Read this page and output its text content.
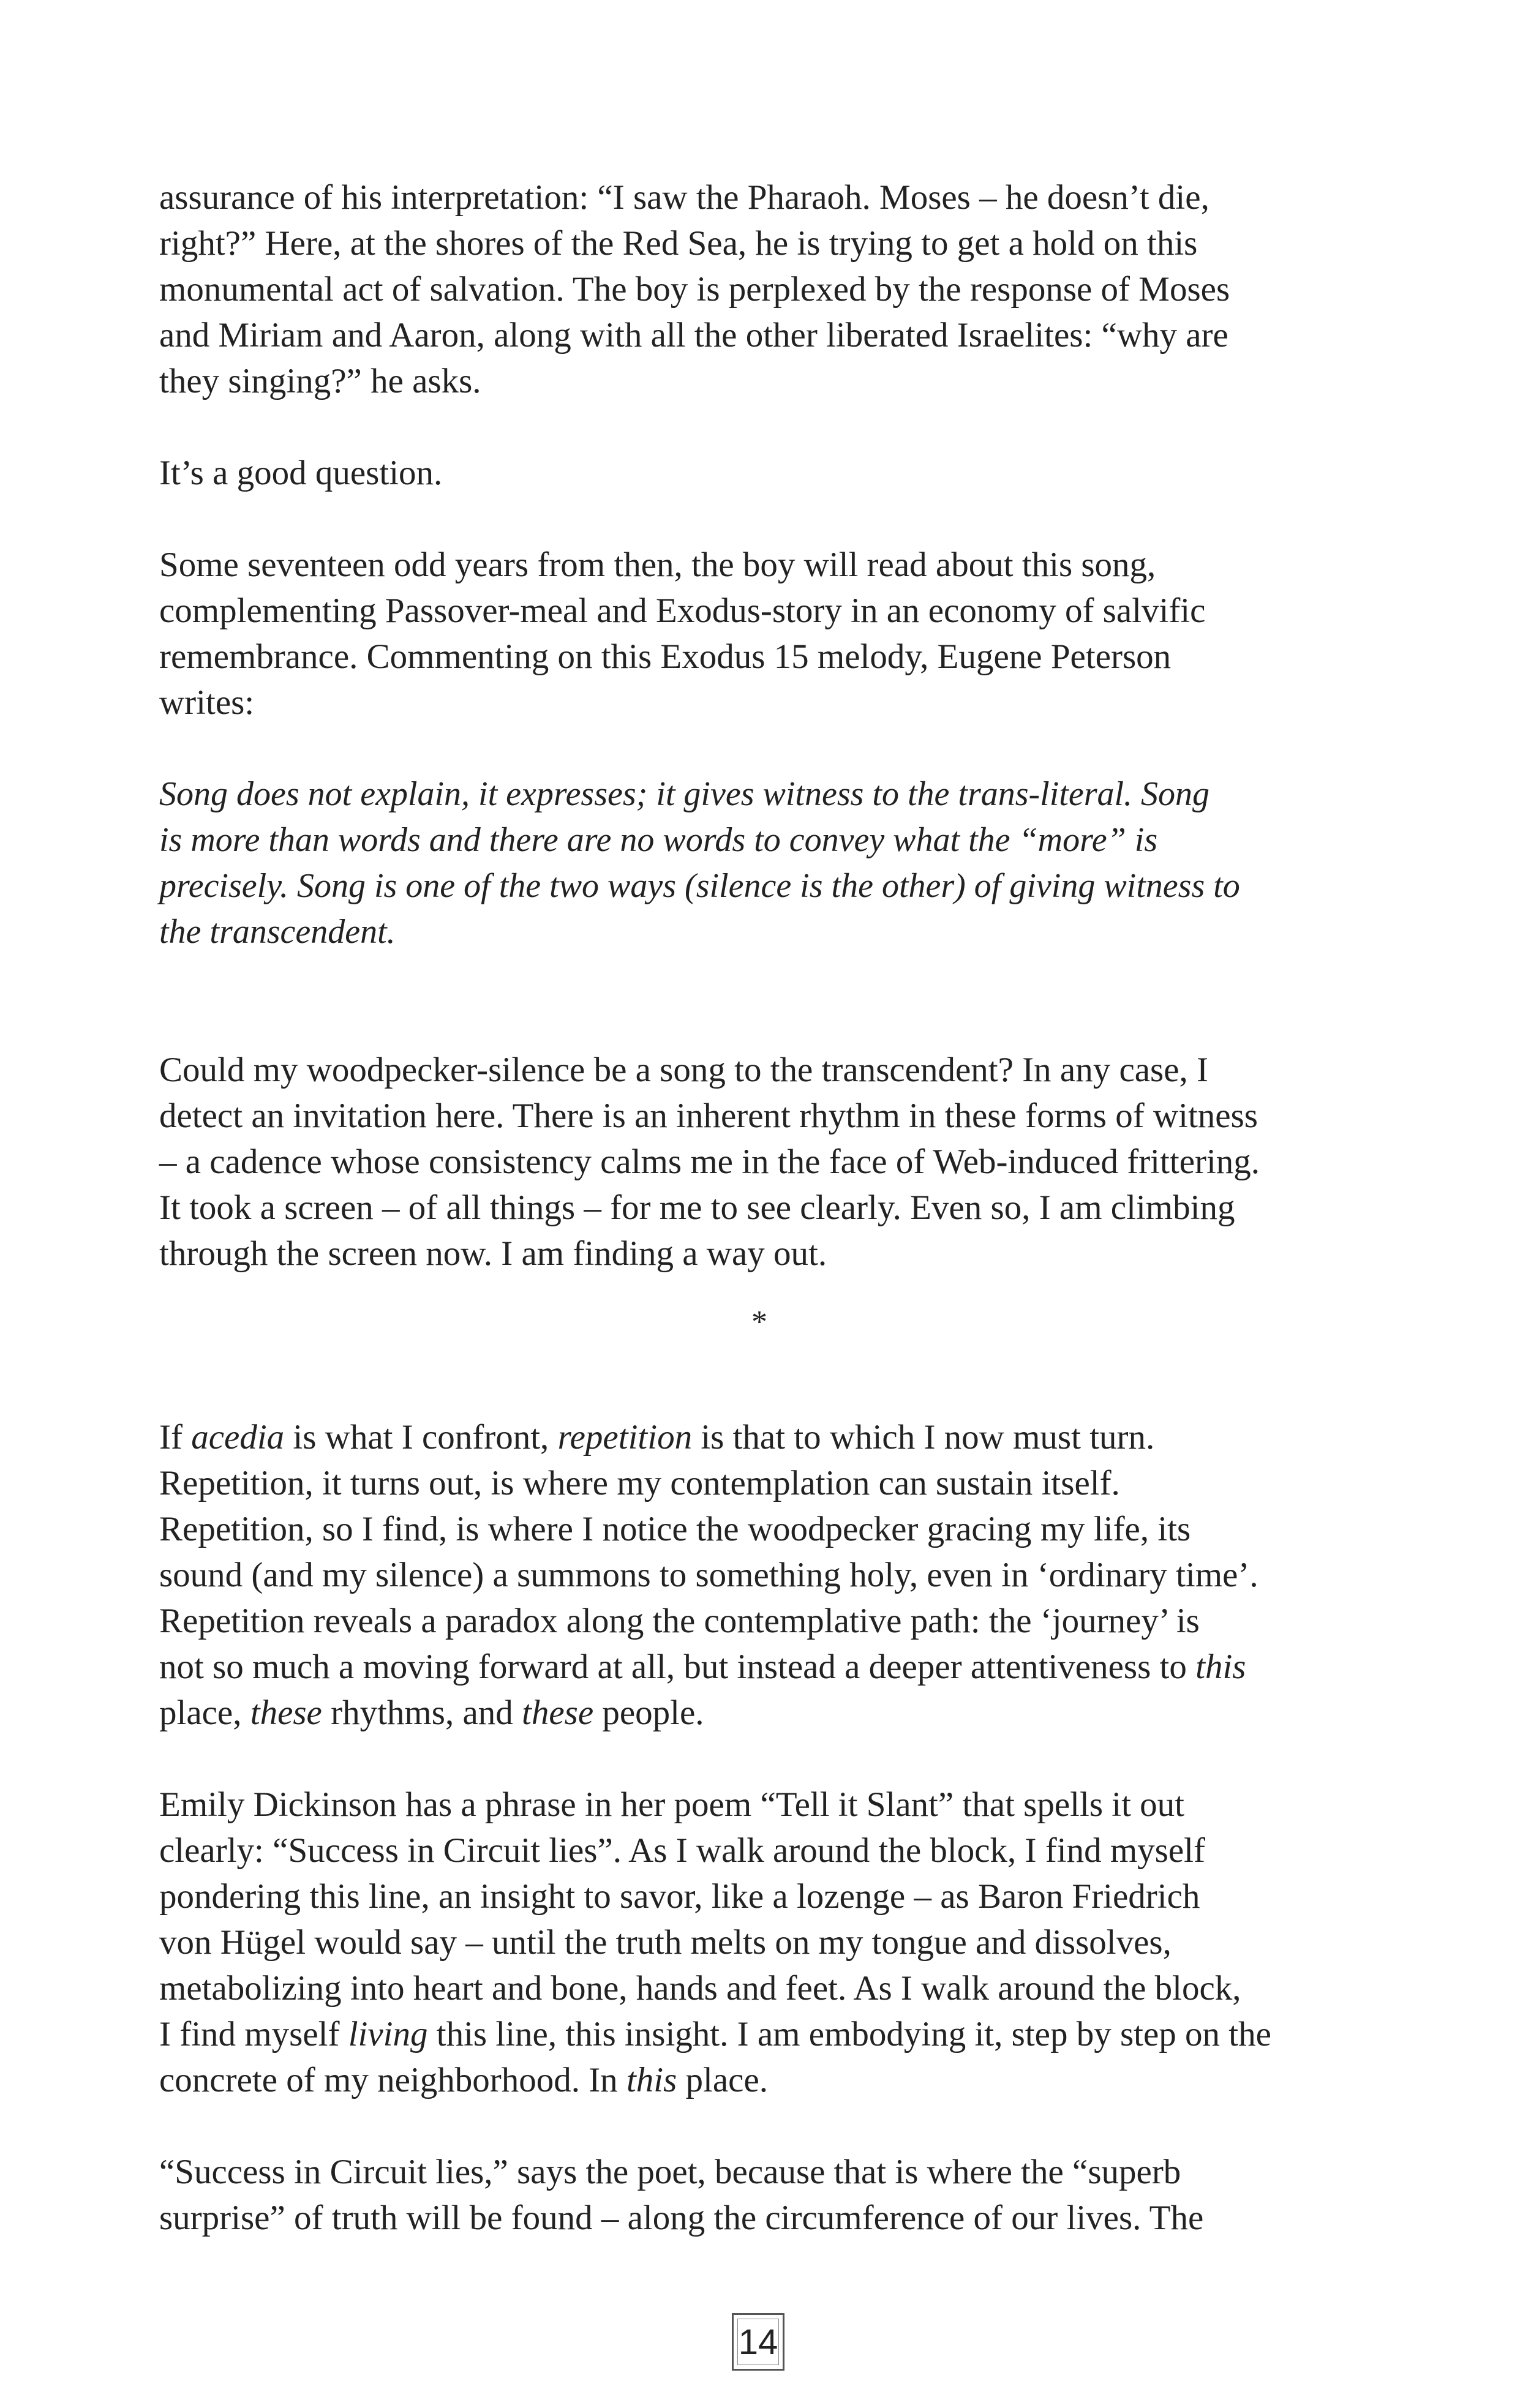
assurance of his interpretation: “I saw the Pharaoh. Moses – he doesn’t die,
right?” Here, at the shores of the Red Sea, he is trying to get a hold on this
monumental act of salvation. The boy is perplexed by the response of Moses
and Miriam and Aaron, along with all the other liberated Israelites: “why are
they singing?” he asks.

It’s a good question.

Some seventeen odd years from then, the boy will read about this song,
complementing Passover-meal and Exodus-story in an economy of salvific
remembrance. Commenting on this Exodus 15 melody, Eugene Peterson
writes:

Song does not explain, it expresses; it gives witness to the trans-literal. Song
is more than words and there are no words to convey what the “more” is
precisely. Song is one of the two ways (silence is the other) of giving witness to
the transcendent.

Could my woodpecker-silence be a song to the transcendent? In any case, I
detect an invitation here. There is an inherent rhythm in these forms of witness
– a cadence whose consistency calms me in the face of Web-induced frittering.
It took a screen – of all things – for me to see clearly. Even so, I am climbing
through the screen now. I am finding a way out.

*

If acedia is what I confront, repetition is that to which I now must turn.
Repetition, it turns out, is where my contemplation can sustain itself.
Repetition, so I find, is where I notice the woodpecker gracing my life, its
sound (and my silence) a summons to something holy, even in ‘ordinary time’.
Repetition reveals a paradox along the contemplative path: the ‘journey’ is
not so much a moving forward at all, but instead a deeper attentiveness to this
place, these rhythms, and these people.

Emily Dickinson has a phrase in her poem “Tell it Slant” that spells it out
clearly: “Success in Circuit lies”. As I walk around the block, I find myself
pondering this line, an insight to savor, like a lozenge – as Baron Friedrich
von Hügel would say – until the truth melts on my tongue and dissolves,
metabolizing into heart and bone, hands and feet. As I walk around the block,
I find myself living this line, this insight. I am embodying it, step by step on the
concrete of my neighborhood. In this place.

“Success in Circuit lies,” says the poet, because that is where the “superb
surprise” of truth will be found – along the circumference of our lives. The

14
